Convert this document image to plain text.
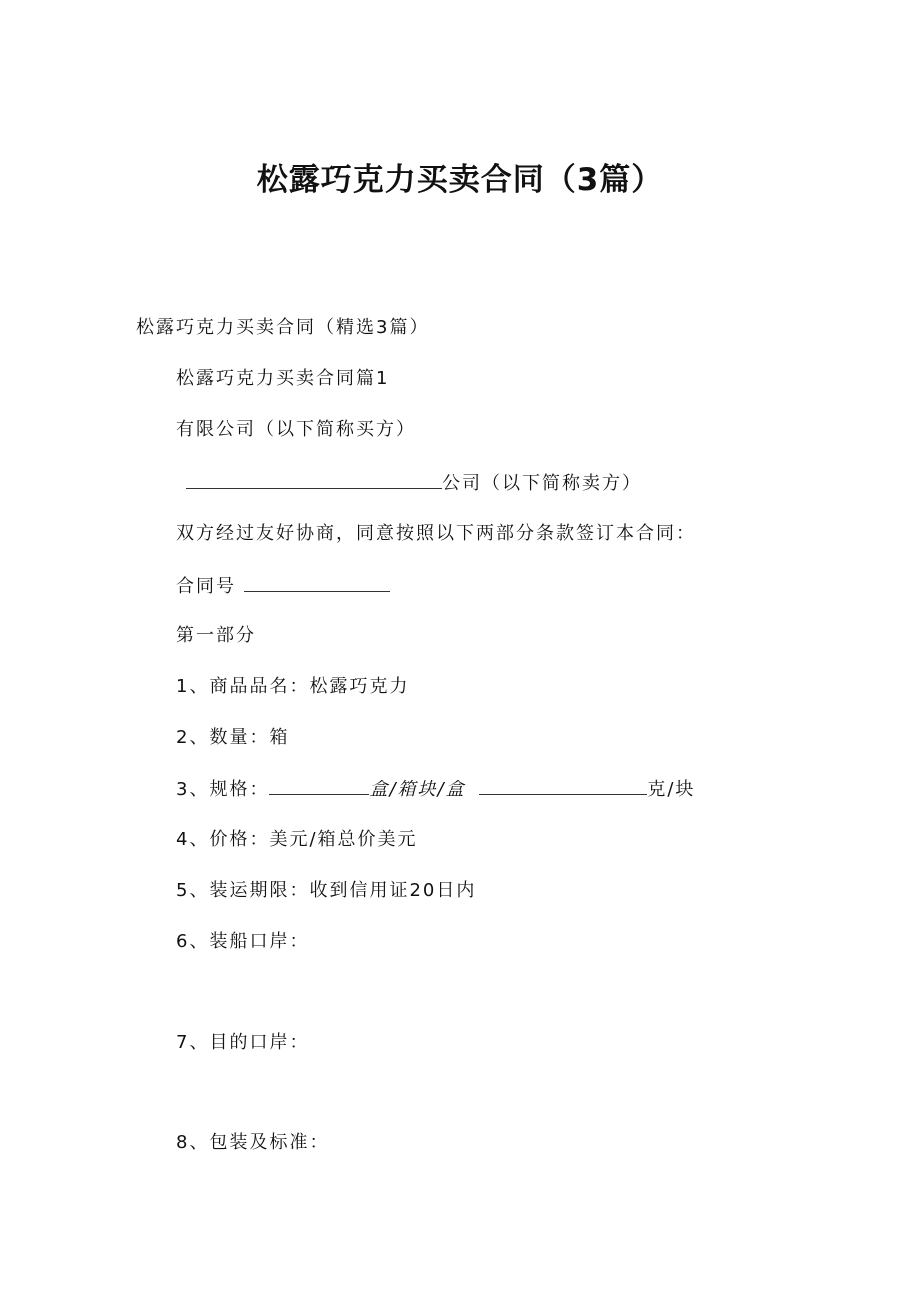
松露巧克力买卖合同（3篇）
松露巧克力买卖合同（精选3篇）
松露巧克力买卖合同篇1
有限公司（以下简称买方）
公司（以下简称卖方）
双方经过友好协商，同意按照以下两部分条款签订本合同：
合同号
第一部分
1、商品品名：松露巧克力
2、数量：箱
3、规格：	盒/箱块/盒	克/块
4、价格：美元/箱总价美元
5、装运期限：收到信用证20日内
6、装船口岸：
7、目的口岸：
8、包装及标准：
